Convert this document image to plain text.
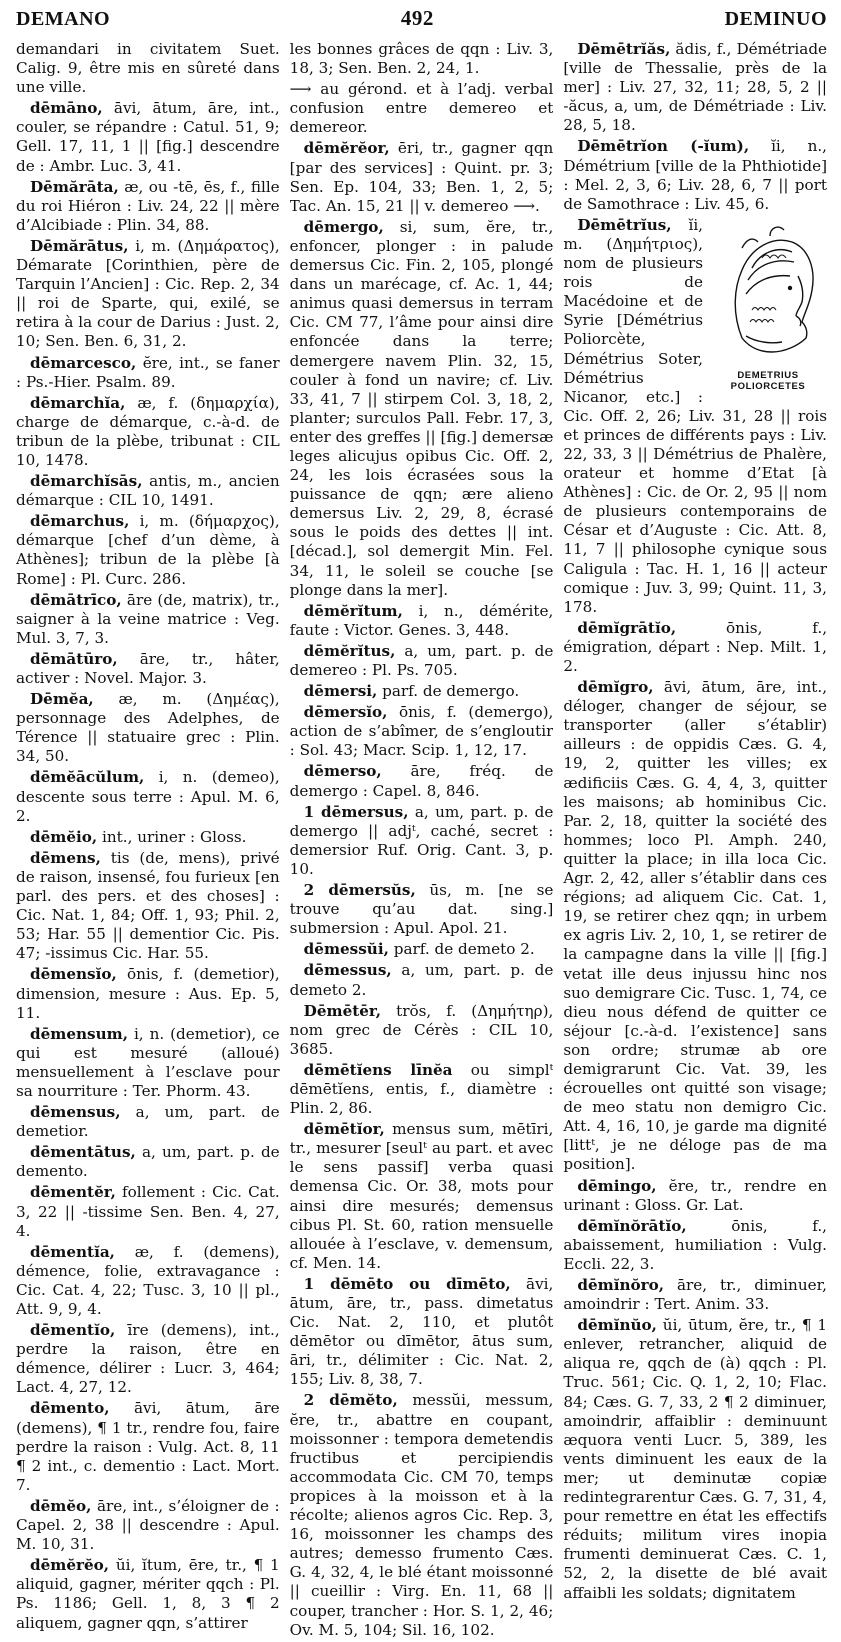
DEMANO	492	DEMINUO

demandari in civitatem Suet. Calig. 9, être mis en sûreté dans une ville.

dēmāno, āvi, ātum, āre, int., couler, se répandre : Catul. 51, 9; Gell. 17, 11, 1 || [fig.] descendre de : Ambr. Luc. 3, 41.

Dēmărāta, æ, ou -tē, ēs, f., fille du roi Hiéron : Liv. 24, 22 || mère d’Alcibiade : Plin. 34, 88.

Dēmărātus, i, m. (Δημάρατος), Démarate [Corinthien, père de Tarquin l’Ancien] : Cic. Rep. 2, 34 || roi de Sparte, qui, exilé, se retira à la cour de Darius : Just. 2, 10; Sen. Ben. 6, 31, 2.

dēmarcesco, ĕre, int., se faner : Ps.-Hier. Psalm. 89.

dēmarchĭa, æ, f. (δημαρχία), charge de démarque, c.-à-d. de tribun de la plèbe, tribunat : CIL 10, 1478.

dēmarchĭsās, antis, m., ancien démarque : CIL 10, 1491.

dēmarchus, i, m. (δήμαρχος), démarque [chef d’un dème, à Athènes]; tribun de la plèbe [à Rome] : Pl. Curc. 286.

dēmātrīco, āre (de, matrix), tr., saigner à la veine matrice : Veg. Mul. 3, 7, 3.

dēmātūro, āre, tr., hâter, activer : Novel. Major. 3.

Dēmĕa, æ, m. (Δημέας), personnage des Adelphes, de Térence || statuaire grec : Plin. 34, 50.

dēmĕācŭlum, i, n. (demeo), descente sous terre : Apul. M. 6, 2.

dēmĕio, int., uriner : Gloss.

dēmens, tis (de, mens), privé de raison, insensé, fou furieux [en parl. des pers. et des choses] : Cic. Nat. 1, 84; Off. 1, 93; Phil. 2, 53; Har. 55 || dementior Cic. Pis. 47; -issimus Cic. Har. 55.

dēmensĭo, ōnis, f. (demetior), dimension, mesure : Aus. Ep. 5, 11.

dēmensum, i, n. (demetior), ce qui est mesuré (alloué) mensuellement à l’esclave pour sa nourriture : Ter. Phorm. 43.

dēmensus, a, um, part. de demetior.

dēmentātus, a, um, part. p. de demento.

dēmentĕr, follement : Cic. Cat. 3, 22 || -tissime Sen. Ben. 4, 27, 4.

dēmentĭa, æ, f. (demens), démence, folie, extravagance : Cic. Cat. 4, 22; Tusc. 3, 10 || pl., Att. 9, 9, 4.

dēmentĭo, īre (demens), int., perdre la raison, être en démence, délirer : Lucr. 3, 464; Lact. 4, 27, 12.

dēmento, āvi, ātum, āre (demens), ¶ 1 tr., rendre fou, faire perdre la raison : Vulg. Act. 8, 11 ¶ 2 int., c. dementio : Lact. Mort. 7.

dēmĕo, āre, int., s’éloigner de : Capel. 2, 38 || descendre : Apul. M. 10, 31.

dēmĕrĕo, ŭi, ĭtum, ēre, tr., ¶ 1 aliquid, gagner, mériter qqch : Pl. Ps. 1186; Gell. 1, 8, 3 ¶ 2 aliquem, gagner qqn, s’attirer

les bonnes grâces de qqn : Liv. 3, 18, 3; Sen. Ben. 2, 24, 1.

⟶ au gérond. et à l’adj. verbal confusion entre demereo et demereor.

dēmĕrĕor, ēri, tr., gagner qqn [par des services] : Quint. pr. 3; Sen. Ep. 104, 33; Ben. 1, 2, 5; Tac. An. 15, 21 || v. demereo ⟶.

dēmergo, si, sum, ĕre, tr., enfoncer, plonger : in palude demersus Cic. Fin. 2, 105, plongé dans un marécage, cf. Ac. 1, 44; animus quasi demersus in terram Cic. CM 77, l’âme pour ainsi dire enfoncée dans la terre; demergere navem Plin. 32, 15, couler à fond un navire; cf. Liv. 33, 41, 7 || stirpem Col. 3, 18, 2, planter; surculos Pall. Febr. 17, 3, enter des greffes || [fig.] demersæ leges alicujus opibus Cic. Off. 2, 24, les lois écrasées sous la puissance de qqn; ære alieno demersus Liv. 2, 29, 8, écrasé sous le poids des dettes || int. [décad.], sol demergit Min. Fel. 34, 11, le soleil se couche [se plonge dans la mer].

dēmĕrĭtum, i, n., démérite, faute : Victor. Genes. 3, 448.

dēmĕrĭtus, a, um, part. p. de demereo : Pl. Ps. 705.

dēmersi, parf. de demergo.

dēmersĭo, ōnis, f. (demergo), action de s’abîmer, de s’engloutir : Sol. 43; Macr. Scip. 1, 12, 17.

dēmerso, āre, fréq. de demergo : Capel. 8, 846.

1 dēmersus, a, um, part. p. de demergo || adjᵗ, caché, secret : demersior Ruf. Orig. Cant. 3, p. 10.

2 dēmersŭs, ūs, m. [ne se trouve qu’au dat. sing.] submersion : Apul. Apol. 21.

dēmessŭi, parf. de demeto 2.

dēmessus, a, um, part. p. de demeto 2.

Dēmētēr, trŏs, f. (Δημήτηρ), nom grec de Cérès : CIL 10, 3685.

dēmētĭens līnĕa ou simplᵗ dēmētĭens, entis, f., diamètre : Plin. 2, 86.

dēmētĭor, mensus sum, mētīri, tr., mesurer [seulᵗ au part. et avec le sens passif] verba quasi demensa Cic. Or. 38, mots pour ainsi dire mesurés; demensus cibus Pl. St. 60, ration mensuelle allouée à l’esclave, v. demensum, cf. Men. 14.

1 dēmēto ou dīmēto, āvi, ātum, āre, tr., pass. dimetatus Cic. Nat. 2, 110, et plutôt dēmētor ou dīmētor, ātus sum, āri, tr., délimiter : Cic. Nat. 2, 155; Liv. 8, 38, 7.

2 dēmĕto, messŭi, messum, ĕre, tr., abattre en coupant, moissonner : tempora demetendis fructibus et percipiendis accommodata Cic. CM 70, temps propices à la moisson et à la récolte; alienos agros Cic. Rep. 3, 16, moissonner les champs des autres; demesso frumento Cæs. G. 4, 32, 4, le blé étant moissonné || cueillir : Virg. En. 11, 68 || couper, trancher : Hor. S. 1, 2, 46; Ov. M. 5, 104; Sil. 16, 102.

Dēmētrĭăs, ădis, f., Démétriade [ville de Thessalie, près de la mer] : Liv. 27, 32, 11; 28, 5, 2 || -ăcus, a, um, de Démétriade : Liv. 28, 5, 18.

Dēmētrĭon (-ĭum), ĭi, n., Démétrium [ville de la Phthiotide] : Mel. 2, 3, 6; Liv. 28, 6, 7 || port de Samothrace : Liv. 45, 6.

DEMETRIUS POLIORCETES

Dēmētrĭus, ĭi, m. (Δημήτριος), nom de plusieurs rois de Macédoine et de Syrie [Démétrius Poliorcète, Démétrius Soter, Démétrius Nicanor, etc.] : Cic. Off. 2, 26; Liv. 31, 28 || rois et princes de différents pays : Liv. 22, 33, 3 || Démétrius de Phalère, orateur et homme d’Etat [à Athènes] : Cic. de Or. 2, 95 || nom de plusieurs contemporains de César et d’Auguste : Cic. Att. 8, 11, 7 || philosophe cynique sous Caligula : Tac. H. 1, 16 || acteur comique : Juv. 3, 99; Quint. 11, 3, 178.

dēmĭgrātĭo,	ōnis, f., émigration, départ : Nep. Milt. 1, 2.

dēmĭgro, āvi, ātum, āre, int., déloger, changer de séjour, se transporter (aller s’établir) ailleurs : de oppidis Cæs. G. 4, 19, 2, quitter les villes; ex ædificiis Cæs. G. 4, 4, 3, quitter les maisons; ab hominibus Cic. Par. 2, 18, quitter la société des hommes; loco Pl. Amph. 240, quitter la place; in illa loca Cic. Agr. 2, 42, aller s’établir dans ces régions; ad aliquem Cic. Cat. 1, 19, se retirer chez qqn; in urbem ex agris Liv. 2, 10, 1, se retirer de la campagne dans la ville || [fig.] vetat ille deus injussu hinc nos suo demigrare Cic. Tusc. 1, 74, ce dieu nous défend de quitter ce séjour [c.-à-d. l’existence] sans son ordre; strumæ ab ore demigrarunt Cic. Vat. 39, les écrouelles ont quitté son visage; de meo statu non demigro Cic. Att. 4, 16, 10, je garde ma dignité [littᵗ, je ne déloge pas de ma position].

dēmingo, ĕre, tr., rendre en urinant : Gloss. Gr. Lat.

dēmĭnŏrātĭo,	ōnis, f., abaissement, humiliation : Vulg. Eccli. 22, 3.

dēmĭnŏro, āre, tr., diminuer, amoindrir : Tert. Anim. 33.

dēmĭnŭo, ŭi, ūtum, ĕre, tr., ¶ 1 enlever, retrancher, aliquid de aliqua re, qqch de (à) qqch : Pl. Truc. 561; Cic. Q. 1, 2, 10; Flac. 84; Cæs. G. 7, 33, 2 ¶ 2 diminuer, amoindrir, affaiblir : deminuunt æquora venti Lucr. 5, 389, les vents diminuent les eaux de la mer; ut deminutæ copiæ redintegrarentur Cæs. G. 7, 31, 4, pour remettre en état les effectifs réduits; militum vires inopia frumenti deminuerat Cæs. C. 1, 52, 2, la disette de blé avait affaibli les soldats; dignitatem
